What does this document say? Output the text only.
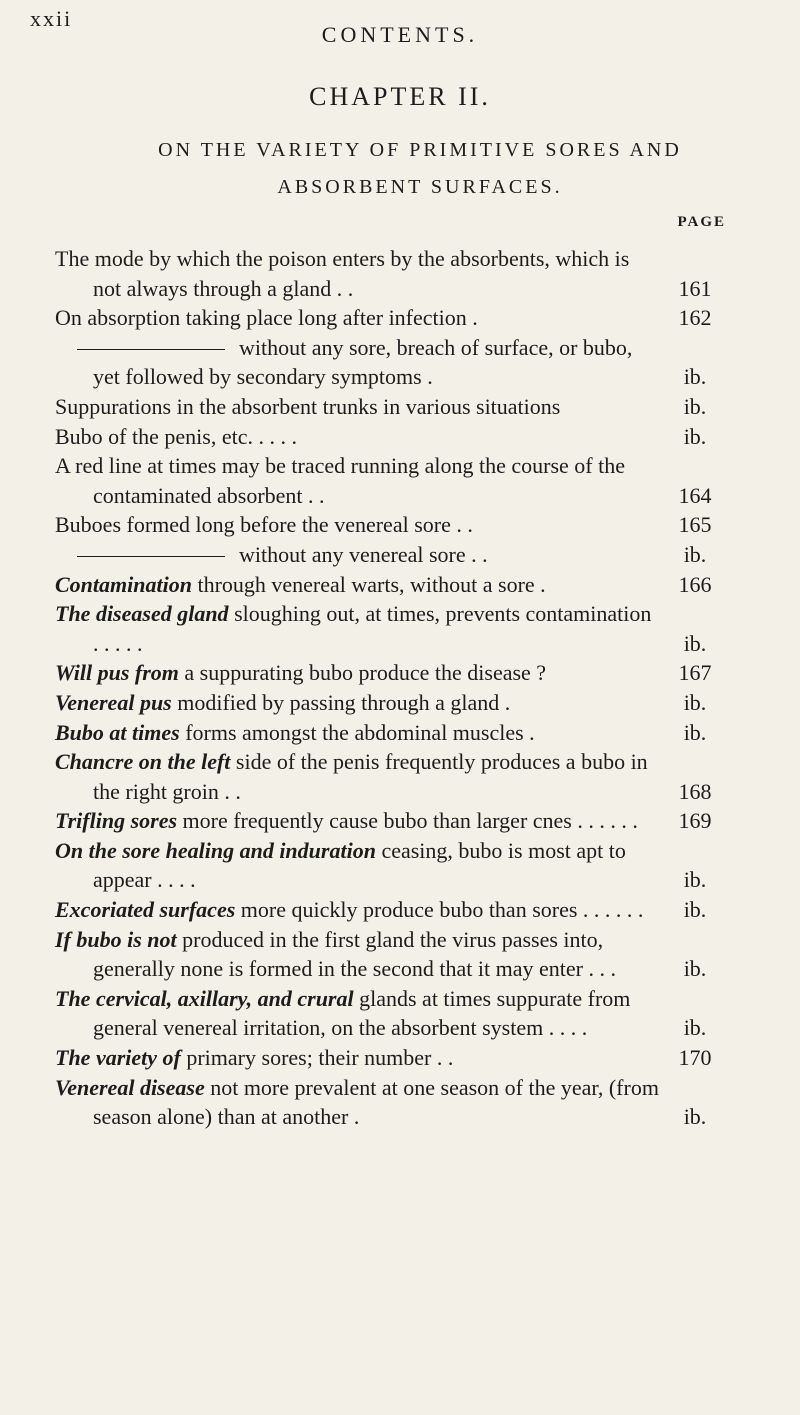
xxii
CONTENTS.
CHAPTER II.
ON THE VARIETY OF PRIMITIVE SORES AND
ABSORBENT SURFACES.
PAGE
The mode by which the poison enters by the absorbents, which is not always through a gland . .	161
On absorption taking place long after infection .	162
without any sore, breach of surface, or bubo, yet followed by secondary symptoms .	ib.
Suppurations in the absorbent trunks in various situations	ib.
Bubo of the penis, etc. . . . .	ib.
A red line at times may be traced running along the course of the contaminated absorbent . .	164
Buboes formed long before the venereal sore . .	165
without any venereal sore . .	ib.
Contamination through venereal warts, without a sore .	166
The diseased gland sloughing out, at times, prevents contamination . . . . .	ib.
Will pus from a suppurating bubo produce the disease ?	167
Venereal pus modified by passing through a gland .	ib.
Bubo at times forms amongst the abdominal muscles .	ib.
Chancre on the left side of the penis frequently produces a bubo in the right groin . .	168
Trifling sores more frequently cause bubo than larger cnes . . . . . .	169
On the sore healing and induration ceasing, bubo is most apt to appear . . . .	ib.
Excoriated surfaces more quickly produce bubo than sores . . . . . .	ib.
If bubo is not produced in the first gland the virus passes into, generally none is formed in the second that it may enter . . .	ib.
The cervical, axillary, and crural glands at times suppurate from general venereal irritation, on the absorbent system . . . .	ib.
The variety of primary sores; their number . .	170
Venereal disease not more prevalent at one season of the year, (from season alone) than at another .	ib.
